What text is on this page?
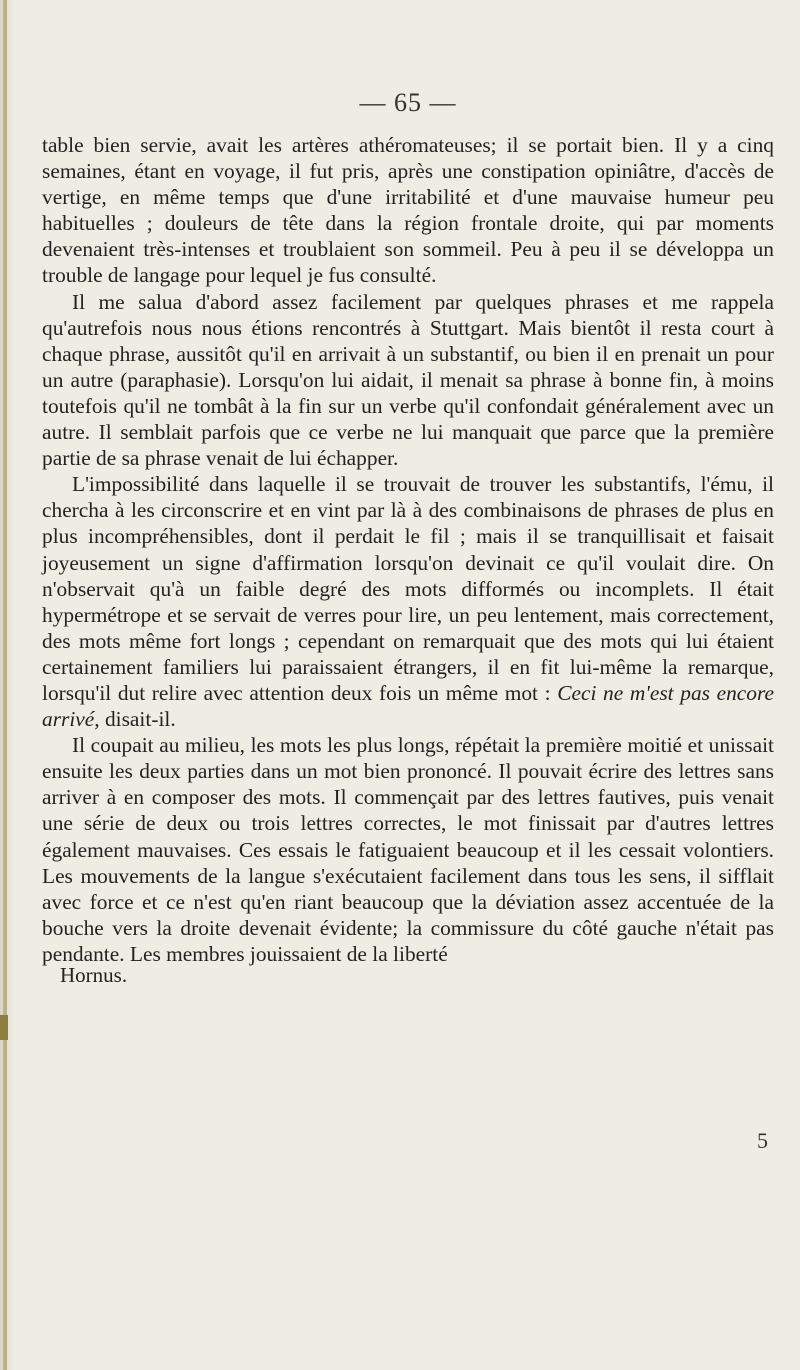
— 65 —

table bien servie, avait les artères athéromateuses; il se portait bien. Il y a cinq semaines, étant en voyage, il fut pris, après une constipation opiniâtre, d'accès de vertige, en même temps que d'une irritabilité et d'une mauvaise humeur peu habituelles ; douleurs de tête dans la région frontale droite, qui par moments devenaient très-intenses et troublaient son sommeil. Peu à peu il se développa un trouble de langage pour lequel je fus consulté.

Il me salua d'abord assez facilement par quelques phrases et me rappela qu'autrefois nous nous étions rencontrés à Stuttgart. Mais bientôt il resta court à chaque phrase, aussitôt qu'il en arrivait à un substantif, ou bien il en prenait un pour un autre (paraphasie). Lorsqu'on lui aidait, il menait sa phrase à bonne fin, à moins toutefois qu'il ne tombât à la fin sur un verbe qu'il confondait généralement avec un autre. Il semblait parfois que ce verbe ne lui manquait que parce que la première partie de sa phrase venait de lui échapper.

L'impossibilité dans laquelle il se trouvait de trouver les substantifs, l'ému, il chercha à les circonscrire et en vint par là à des combinaisons de phrases de plus en plus incompréhensibles, dont il perdait le fil ; mais il se tranquillisait et faisait joyeusement un signe d'affirmation lorsqu'on devinait ce qu'il voulait dire. On n'observait qu'à un faible degré des mots difformés ou incomplets. Il était hypermétrope et se servait de verres pour lire, un peu lentement, mais correctement, des mots même fort longs ; cependant on remarquait que des mots qui lui étaient certainement familiers lui paraissaient étrangers, il en fit lui-même la remarque, lorsqu'il dut relire avec attention deux fois un même mot : Ceci ne m'est pas encore arrivé, disait-il.

Il coupait au milieu, les mots les plus longs, répétait la première moitié et unissait ensuite les deux parties dans un mot bien prononcé. Il pouvait écrire des lettres sans arriver à en composer des mots. Il commençait par des lettres fautives, puis venait une série de deux ou trois lettres correctes, le mot finissait par d'autres lettres également mauvaises. Ces essais le fatiguaient beaucoup et il les cessait volontiers. Les mouvements de la langue s'exécutaient facilement dans tous les sens, il sifflait avec force et ce n'est qu'en riant beaucoup que la déviation assez accentuée de la bouche vers la droite devenait évidente; la commissure du côté gauche n'était pas pendante. Les membres jouissaient de la liberté

Hornus.
5
